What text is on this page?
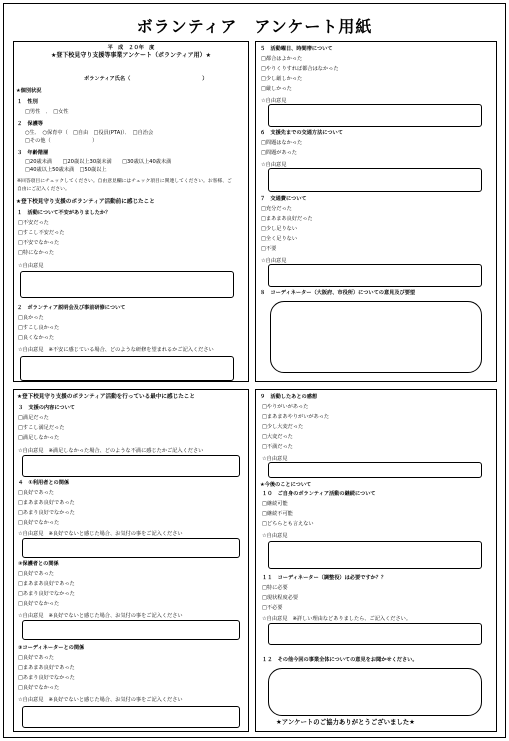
ボランティア　アンケート用紙
平　成　２０年　度
★登下校見守り支援等事業アンケート（ボランティア用）★
ボランティア氏名（	）
★個別状況
１　性別
□ 男性　．　□ 女性
２　保護等
○生．　 ○保育中（　 □ 自由　 □ 役員(PTA)）．　□ 自治会
□その他（　　　　　　　　）
３　年齢階層
□ 20歳未満　　 □	20歳以上30歳未満　　 □	30歳以上40歳未満
□ 40歳以上50歳未満　 □ 50歳以上
※回答項目にチェックしてください。自由意見欄にはチェック項目に関連してください。お客様、ご
自由にご記入ください。
★登下校見守り支援のボランティア活動前に感じたこと
１　活動について不安がありましたか？
□ 不安だった
□ すこし不安だった
□ 不安でなかった
□ 特になかった
☆自由意見
２　ボランティア説明会及び事前研修について
□ 良かった
□ すこし良かった
□ 良くなかった
☆自由意見　※不安に感じている場合、どのような研修を望まれるかご記入ください
５　活動曜日、時間帯について
□ 都合はよかった
□ やりくりすれば都合はなかった
□ 少し厳しかった
□ 厳しかった
☆自由意見
６　支援先までの交通方法について
□ 問題はなかった
□ 問題があった
☆自由意見
７　交通費について
□ 充分だった
□ まあまあ良好だった
□ 少し足りない
□ 全く足りない
□ 不要
☆自由意見
８　コーディネーター（大阪府、市役所）についての意見及び要望
★登下校見守り支援のボランティア活動を行っている最中に感じたこと
３　支援の内容について
□ 満足だった
□ すこし満足だった
□ 満足しなかった
☆自由意見　※満足しなかった場合、どのような不満に感じたかご記入ください
４　①利用者との関係
□ 良好であった
□ まあまあ良好であった
□ あまり良好でなかった
□ 良好でなかった
☆自由意見　※良好でないと感じた場合、お気付の事をご記入ください
②保護者との関係
□ 良好であった
□ まあまあ良好であった
□ あまり良好でなかった
□ 良好でなかった
☆自由意見　※良好でないと感じた場合、お気付の事をご記入ください
③コーディネーターとの関係
□ 良好であった
□ まあまあ良好であった
□ あまり良好でなかった
□ 良好でなかった
☆自由意見　※良好でないと感じた場合、お気付の事をご記入ください
９　活動したあとの感想
□ やりがいがあった
□ まあまあやりがいがあった
□ 少し大変だった
□ 大変だった
□ 不満だった
☆自由意見
★今後のことについて
１０　ご自身のボランティア活動の継続について
□ 継続可能
□ 継続不可能
□ どちらとも言えない
☆自由意見
１１　コーディネーター（調整役）は必要ですか？？
□ 特に必要
□ 現状程度必要
□ 不必要
☆自由意見　※詳しい理由などありましたら、ご記入ください。
１２　その他今回の事業全体についての意見をお聞かせください。
★アンケートのご協力ありがとうございました★
